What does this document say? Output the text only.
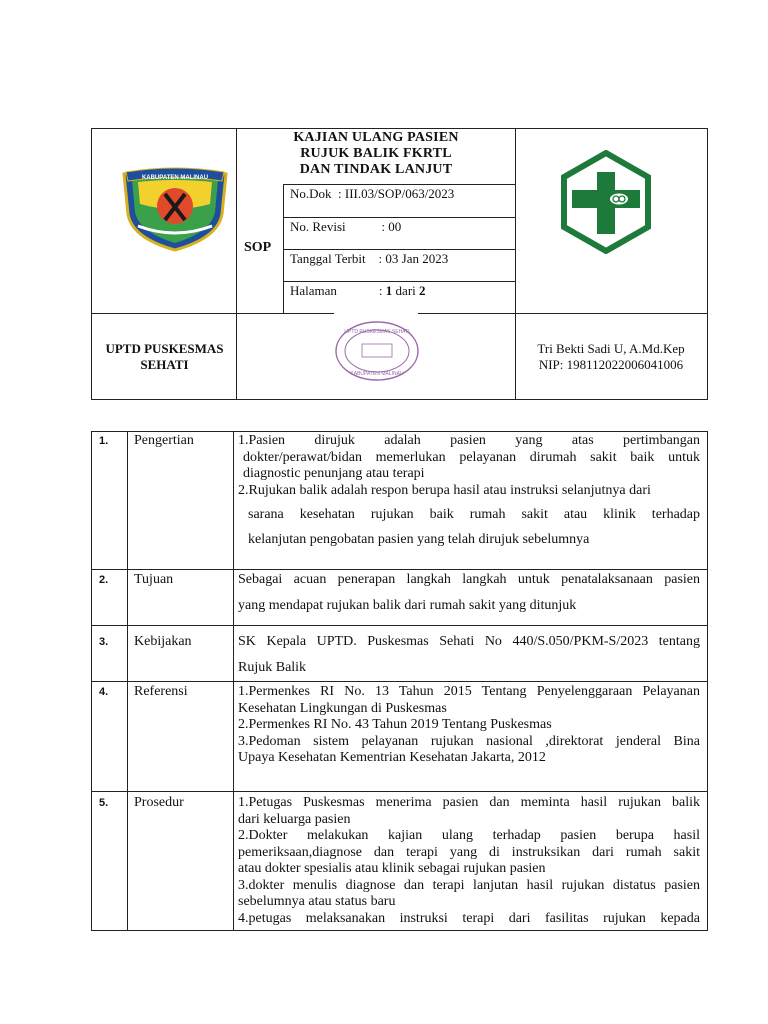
KABUPATEN MALINAU
KAJIAN ULANG PASIEN
RUJUK BALIK FKRTL
DAN TINDAK LANJUT
SOP
No.Dok  : III.03/SOP/063/2023
No. Revisi           : 00
Tanggal Terbit    : 03 Jan 2023
Halaman	: 1 dari 2
UPTD PUSKESMAS
SEHATI
UPTD PUSKESMAS SEHATI
KABUPATEN MALINAU
Tri Bekti Sadi U, A.Md.Kep
NIP: 198112022006041006
1. Pengertian	1.Pasien dirujuk adalah pasien yang atas pertimbangan

dokter/perawat/bidan memerlukan pelayanan dirumah sakit baik untuk

diagnostic penunjang atau terapi

2.Rujukan balik adalah respon berupa hasil atau instruksi selanjutnya dari

sarana kesehatan rujukan baik rumah sakit atau klinik terhadap

kelanjutan pengobatan pasien yang telah dirujuk sebelumnya

2. Tujuan	Sebagai acuan penerapan langkah langkah untuk penatalaksanaan pasien

yang mendapat rujukan balik dari rumah sakit yang ditunjuk

3. Kebijakan	SK Kepala UPTD. Puskesmas Sehati No 440/S.050/PKM-S/2023 tentang

Rujuk Balik

4. Referensi	1.Permenkes RI No. 13 Tahun 2015 Tentang Penyelenggaraan Pelayanan

Kesehatan Lingkungan di Puskesmas

2.Permenkes RI No. 43 Tahun 2019 Tentang Puskesmas

3.Pedoman sistem pelayanan rujukan nasional ,direktorat jenderal Bina

Upaya Kesehatan Kementrian Kesehatan Jakarta, 2012

5. Prosedur	1.Petugas Puskesmas menerima pasien dan meminta hasil rujukan balik

dari keluarga pasien

2.Dokter melakukan kajian ulang terhadap pasien berupa hasil

pemeriksaan,diagnose dan terapi yang di instruksikan dari rumah sakit

atau dokter spesialis atau klinik sebagai rujukan pasien

3.dokter menulis diagnose dan terapi lanjutan hasil rujukan distatus pasien

sebelumnya atau status baru

4.petugas melaksanakan instruksi terapi dari fasilitas rujukan kepada
